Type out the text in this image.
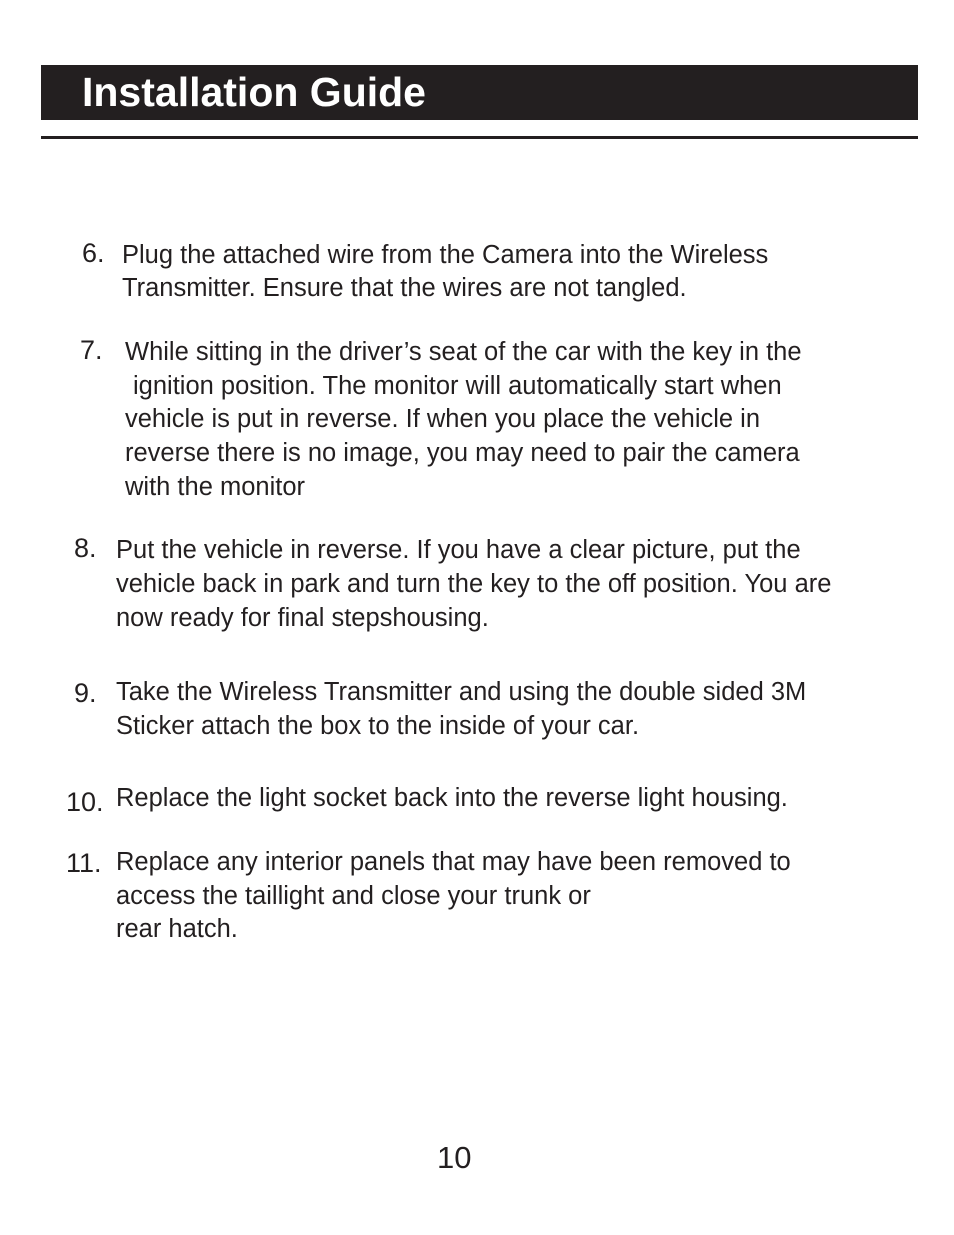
Installation Guide
6. Plug the attached wire from the Camera into the Wireless
Transmitter. Ensure that the wires are not tangled.
7. While sitting in the driver’s seat of the car with the key in the
ignition position. The monitor will automatically start when
vehicle is put in reverse. If when you place the vehicle in
reverse there is no image, you may need to pair the camera
with the monitor
8. Put the vehicle in reverse. If you have a clear picture, put the
vehicle back in park and turn the key to the off position. You are
now ready for final stepshousing.
9. Take the Wireless Transmitter and using the double sided 3M
Sticker attach the box to the inside of your car.
10. Replace the light socket back into the reverse light housing.
11. Replace any interior panels that may have been removed to
access the taillight and close your trunk or
rear hatch.
10
